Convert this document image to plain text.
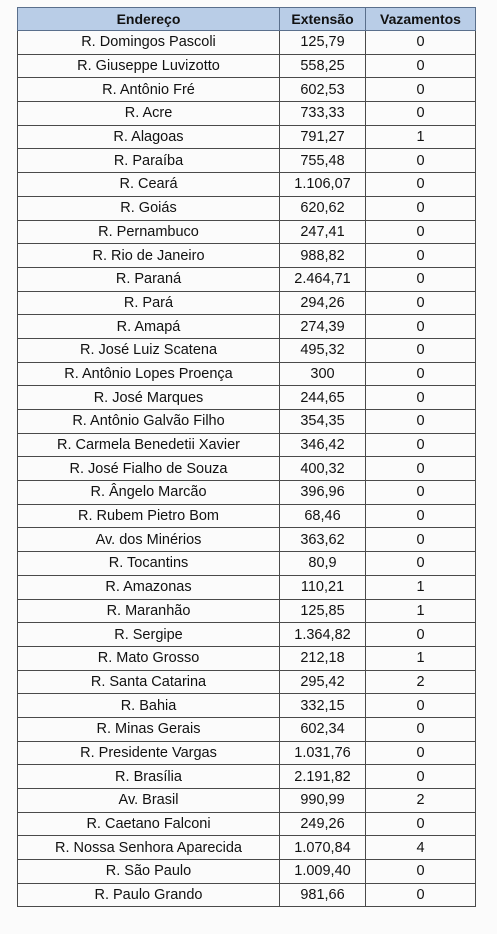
Endereço	Extensão	Vazamentos
R. Domingos Pascoli	125,79	0
R. Giuseppe Luvizotto	558,25	0
R. Antônio Fré	602,53	0
R. Acre	733,33	0
R. Alagoas	791,27	1
R. Paraíba	755,48	0
R. Ceará	1.106,07	0
R. Goiás	620,62	0
R. Pernambuco	247,41	0
R. Rio de Janeiro	988,82	0
R. Paraná	2.464,71	0
R. Pará	294,26	0
R. Amapá	274,39	0
R. José Luiz Scatena	495,32	0
R. Antônio Lopes Proença	300	0
R. José Marques	244,65	0
R. Antônio Galvão Filho	354,35	0
R. Carmela Benedetii Xavier	346,42	0
R. José Fialho de Souza	400,32	0
R. Ângelo Marcão	396,96	0
R. Rubem Pietro Bom	68,46	0
Av. dos Minérios	363,62	0
R. Tocantins	80,9	0
R. Amazonas	110,21	1
R. Maranhão	125,85	1
R. Sergipe	1.364,82	0
R. Mato Grosso	212,18	1
R. Santa Catarina	295,42	2
R. Bahia	332,15	0
R. Minas Gerais	602,34	0
R. Presidente Vargas	1.031,76	0
R. Brasília	2.191,82	0
Av. Brasil	990,99	2
R. Caetano Falconi	249,26	0
R. Nossa Senhora Aparecida	1.070,84	4
R. São Paulo	1.009,40	0
R. Paulo Grando	981,66	0
